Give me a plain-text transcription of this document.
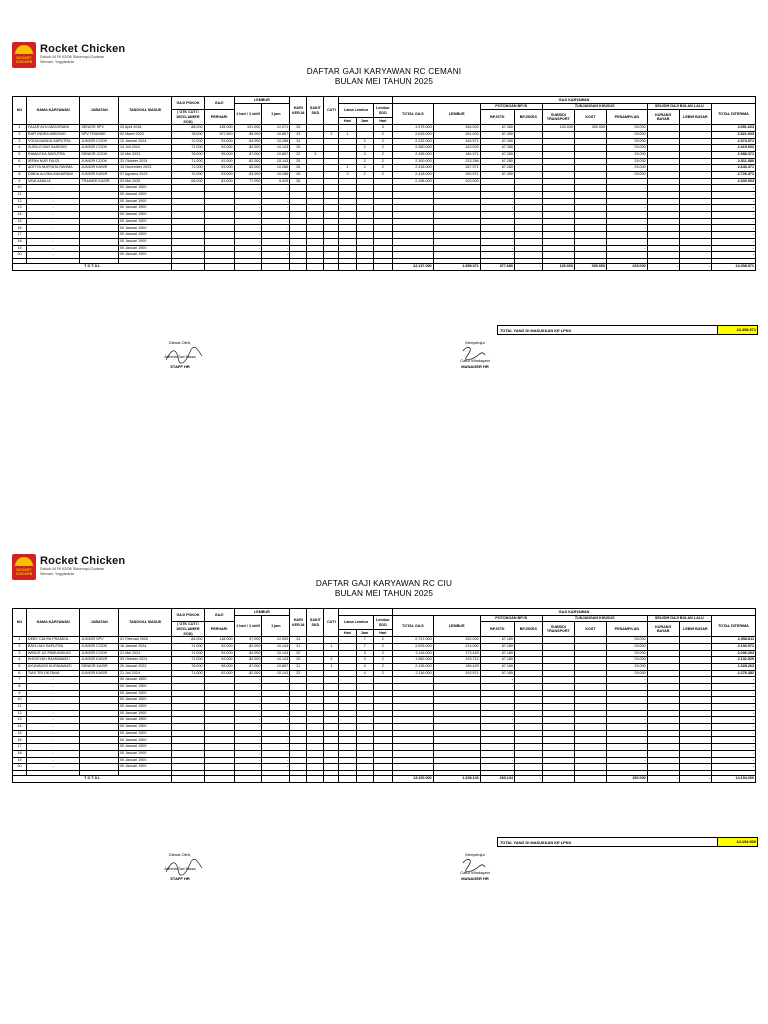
ROCKET CHICKEN
Rocket Chicken
Dukuh 04 RI 02/08 Sidomoyo,Godean
Sleman, Yogyakarta
DAFTAR GAJI KARYAWAN RC CEMANI
BULAN MEI TAHUN 2025
NO	NAMA KARYAWAN	JABATAN	TANGGAL MASUK	GAJI POKOK	GAJI	LEMBUR		HARI KERJA	SAKIT SKD	CUTI				GAJI KARYAWAN									
						1 hari / 1 shift	1 jam				Lama Lembur		Lembur SOD	TOTAL GAJI	LEMBUR	POTONGAN BPJS		TUNJANGAN KHUSUS			SELISIH GAJI BULAN LALU		TOTAL DITERIMA
				( UTK CUTI / DISCLAIMER SOD)	PERHARI											BPJSTK	BPJSKES	SUBSIDI TRANSPORT	KOST	PENAMPILAN	KURANG BAYAR	LEBIH BAYAR	
											Hari	Jam	Hari										
1	FAJAR AYU ANGGRAINI	SENIOR SPV	20 April 2018	88.000	135.000	101.000	12.071	25					3	3.375.000	284.003	67.280		125.000	300.000	25.000			4.091.603
2	RAFI INDRA WIBOWO	SPV TRAINEE	02 Maret 2023	78.000	107.500	89.000	10.857	23		2	1		2	2.615.000	261.003	67.280				25.000			2.821.603
3	YOGA NANDA SAPUTRA	JUNIOR COOK	12 Januari 2024	72.000	93.000	83.000	10.286	24				2	2	2.232.000	164.971	67.280				25.000			2.374.071
4	SUSILO DWI SADEWO	JUNIOR COOK	14 Juli 2024	71.000	92.000	82.000	10.143	25				2	2	2.360.000	162.003	67.280				25.000			2.419.603
5	RAMA EKA SAPUTRA	SENIOR COOK	10 Mei 2023	76.000	95.000	87.000	10.857	22	3			3	2	2.495.000	184.971	67.280				25.000			2.588.371
6	IRFAN NUR FAUZI	JUNIOR COOK	31 Oktober 2024	71.000	92.000	82.000	10.143	25				2	2	2.300.000	233.286	67.280				25.000			2.511.986
7	ADITYA NURYATA RAHMA	JUNIOR KASIR	15 November 2023	72.000	93.000	83.000	10.286	26			1	2	2	2.418.000	267.971	67.280				25.000			2.643.371
8	DINDA ALVIKA MAHARANI	JUNIOR KASIR	07 Agustus 2023	72.000	93.000	83.000	10.286	26			2	2	2	2.418.000	330.971	67.280				25.000			2.726.371
9	VINA AMALIA	TRAINEE KASIR	03 Mei 2025	68.000	83.000	77.000	9.429	26						2.158.000	102.003								2.330.003
10	-		00 Januari 1900			-	-									-				-			-
11	-		00 Januari 1900			-	-									-				-			-
12	-		00 Januari 1900			-	-									-				-			-
13	-		00 Januari 1900			-	-									-				-			-
14	-		00 Januari 1900			-	-									-				-			-
15	-		00 Januari 1900			-	-									-				-			-
16	-		00 Januari 1900			-	-									-				-			-
17	-		00 Januari 1900			-	-									-				-			-
18	-		00 Januari 1900			-	-									-				-			-
19	-		00 Januari 1900			-	-									-				-			-
20	-		00 Januari 1900			-	-									-				-			-

T O T A L														22.137.000	1.959.071	377.680	-	125.000	300.000	225.000	-	-	24.358.971
TOTAL YANG DI MASUKKAN KE LPKK	24.358.971
Dibuat Oleh,
Adhela Dwi Nissa
STAFF HR
Menyetujui
Catur Windayani
MANAGER HR
ROCKET CHICKEN
Rocket Chicken
Dukuh 04 RI 02/08 Sidomoyo,Godean
Sleman, Yogyakarta
DAFTAR GAJI KARYAWAN RC CIU
BULAN MEI TAHUN 2025
NO	NAMA KARYAWAN	JABATAN	TANGGAL MASUK	GAJI POKOK	GAJI	LEMBUR		HARI KERJA	SAKIT SKD	CUTI				GAJI KARYAWAN									
						1 hari / 1 shift	1 jam				Lama Lembur		Lembur SOD	TOTAL GAJI	LEMBUR	POTONGAN BPJS		TUNJANGAN KHUSUS			SELISIH GAJI BULAN LALU		TOTAL DITERIMA
				( UTK CUTI / DISCLAIMER SOD)	PERHARI											BPJSTK	BPJSKES	SUBSIDI TRANSPORT	KOST	PENAMPILAN	KURANG BAYAR	LEBIH BAYAR	
											Hari	Jam	Hari										
1	DEBY CAHYA PRADIKA	JUNIOR SPV	01 Februari 2020	84.000	118.000	97.000	12.000	23				7	2	2.737.000	252.000	67.189				25.000			2.958.811
2	BAYU ADI SAPUTRA	JUNIOR COOK	16 Januari 2024	71.000	92.000	82.000	10.143	21		1		7	2	2.093.000	214.000	67.189				25.000			2.193.971
3	WINDIT AZ PAMUNGKAS	JUNIOR COOK	21 Mei 2024	71.000	92.000	82.000	10.143	20				3	2	2.116.000	172.429	67.189				25.000			2.206.263
4	KHOIVYAH RAHMAWATI	JUNIOR KASIR	09 Oktober 2021	71.000	92.000	82.000	10.143	20		2		3	2	1.982.000	193.714	67.189				25.000			2.132.525
5	AYUNINGSI KURNIAWATI	SENIOR KASIR	29 Januari 2022	76.000	98.000	87.000	10.857	21		1		4	2	2.136.000	186.429	67.189				25.000			2.328.263
6	TIAS TRI OKTAVIA	JUNIOR KASIR	21 Juli 2024	71.000	92.000	82.000	10.143	23				4	2	2.116.000	192.971	67.189				25.000			2.276.382
7	-		00 Januari 1900			-	-									-				-			-
8	-		00 Januari 1900			-	-									-				-			-
9	-		00 Januari 1900			-	-									-				-			-
10	-		00 Januari 1900			-	-									-				-			-
11	-		00 Januari 1900			-	-									-				-			-
12	-		00 Januari 1900			-	-									-				-			-
13	-		00 Januari 1900			-	-									-				-			-
14	-		00 Januari 1900			-	-									-				-			-
15	-		00 Januari 1900			-	-									-				-			-
16	-		00 Januari 1900			-	-									-				-			-
17	-		00 Januari 1900			-	-									-				-			-
18	-		00 Januari 1900			-	-									-				-			-
19	-		00 Januari 1900			-	-									-				-			-
20	-		00 Januari 1900			-	-									-				-			-

T O T A L														13.100.000	1.208.143	283.134	-			150.000	-	-	14.194.000
TOTAL YANG DI MASUKKAN KE LPKK	14.194.000
Dibuat Oleh,
Adhela Dwi Nissa
STAFF HR
Menyetujui
Catur Windayani
MANAGER HR
